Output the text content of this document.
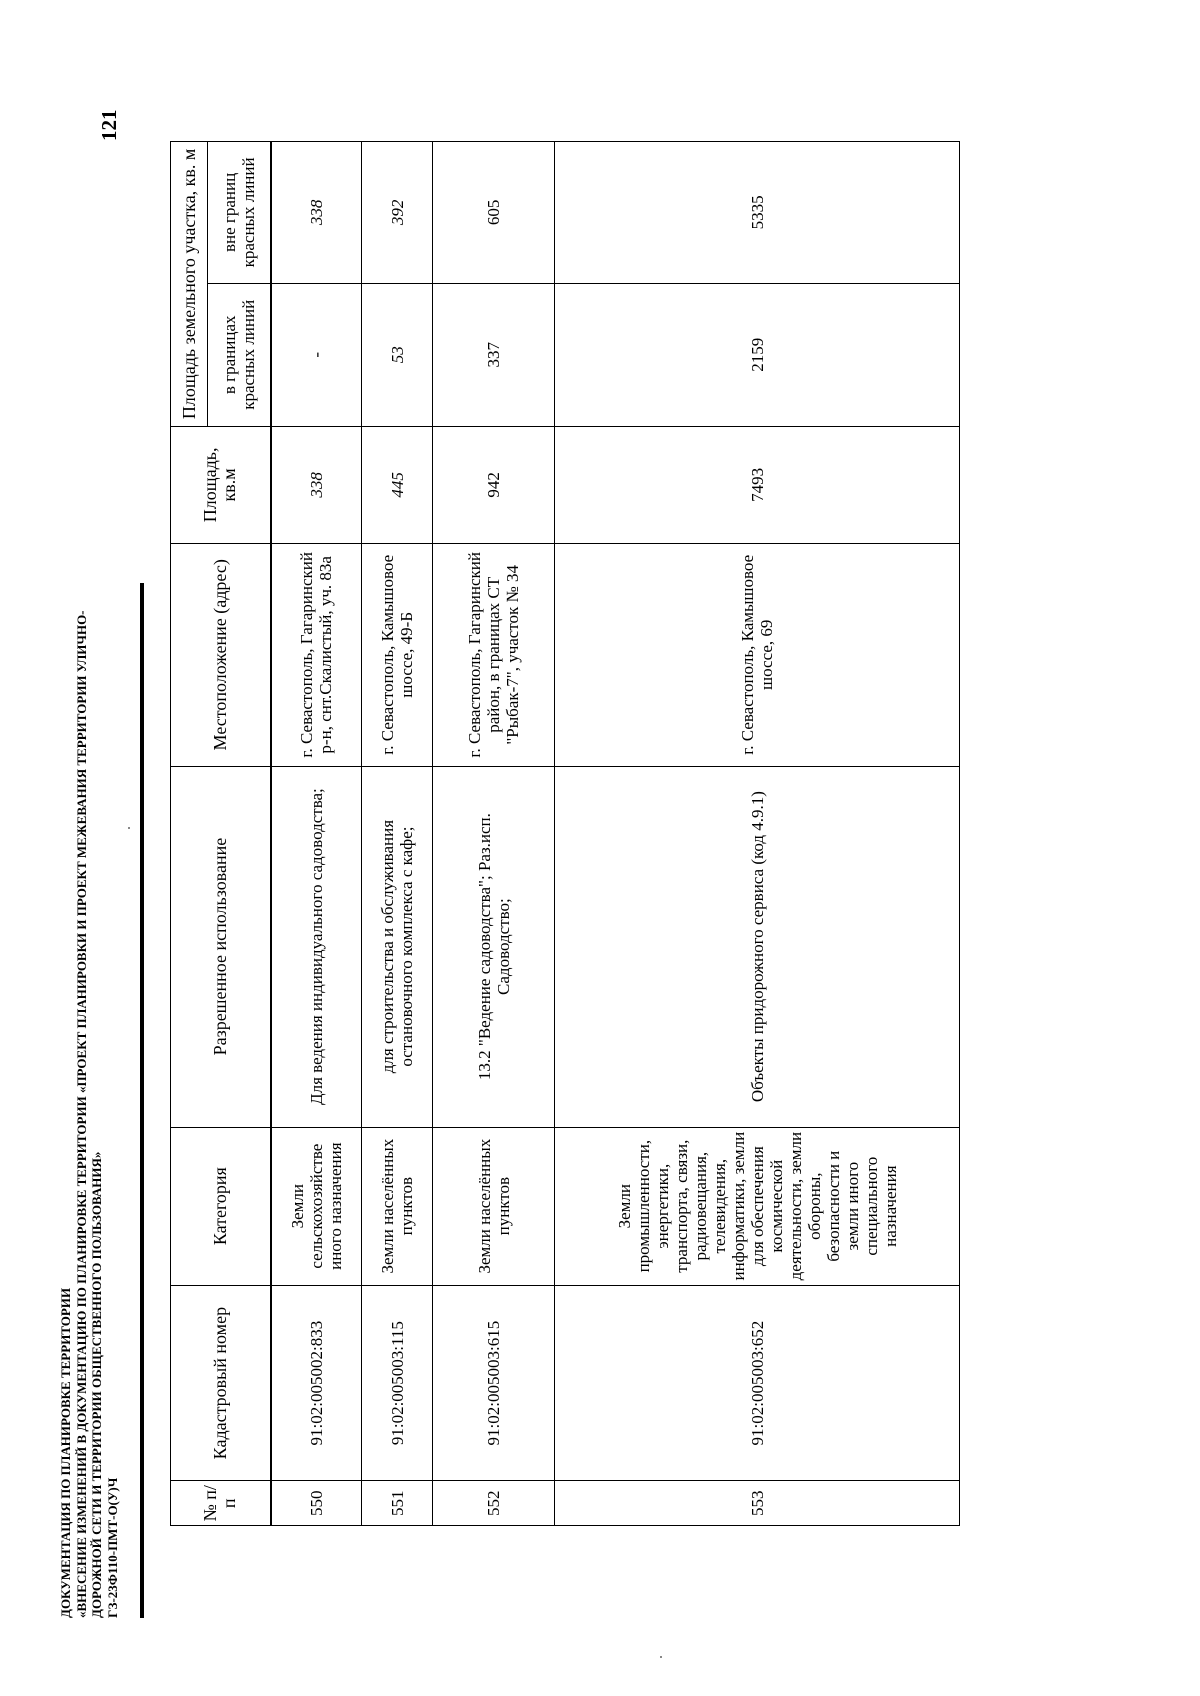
ДОКУМЕНТАЦИЯ ПО ПЛАНИРОВКЕ ТЕРРИТОРИИ «ВНЕСЕНИЕ ИЗМЕНЕНИЙ В ДОКУМЕНТАЦИЮ ПО ПЛАНИРОВКЕ ТЕРРИТОРИИ «ПРОЕКТ ПЛАНИРОВКИ И ПРОЕКТ МЕЖЕВАНИЯ ТЕРРИТОРИИ УЛИЧНО- ДОРОЖНОЙ СЕТИ И ТЕРРИТОРИИ ОБЩЕСТВЕННОГО ПОЛЬЗОВАНИЯ» ГЗ-23Ф110-ПМТ-О(У)Ч
121
№ п/п	Кадастровый номер	Категория	Разрешенное использование	Местоположение (адрес)	Площадь, кв.м	Площадь земельного участка, кв. м	
						в границах красных линий	вне границ красных линий
550	91:02:005002:833	Земли сельскохозяйстве иного назначения	Для ведения индивидуального садоводства;	г. Севастополь, Гагаринский р-н, снт.Скалистый, уч. 83а	338	-	338
551	91:02:005003:115	Земли населённых пунктов	для строительства и обслуживания остановочного комплекса с кафе;	г. Севастополь, Камышовое шоссе, 49-Б	445	53	392
552	91:02:005003:615	Земли населённых пунктов	13.2 "Ведение садоводства"; Раз.исп. Садоводство;	г. Севастополь, Гагаринский район, в границах СТ "Рыбак-7", участок № 34	942	337	605
553	91:02:005003:652	Земли промышленности, энергетики, транспорта, связи, радиовещания, телевидения, информатики, земли для обеспечения космической деятельности, земли обороны, безопасности и земли иного специального назначения	Объекты придорожного сервиса (код 4.9.1)	г. Севастополь, Камышовое шоссе, 69	7493	2159	5335
